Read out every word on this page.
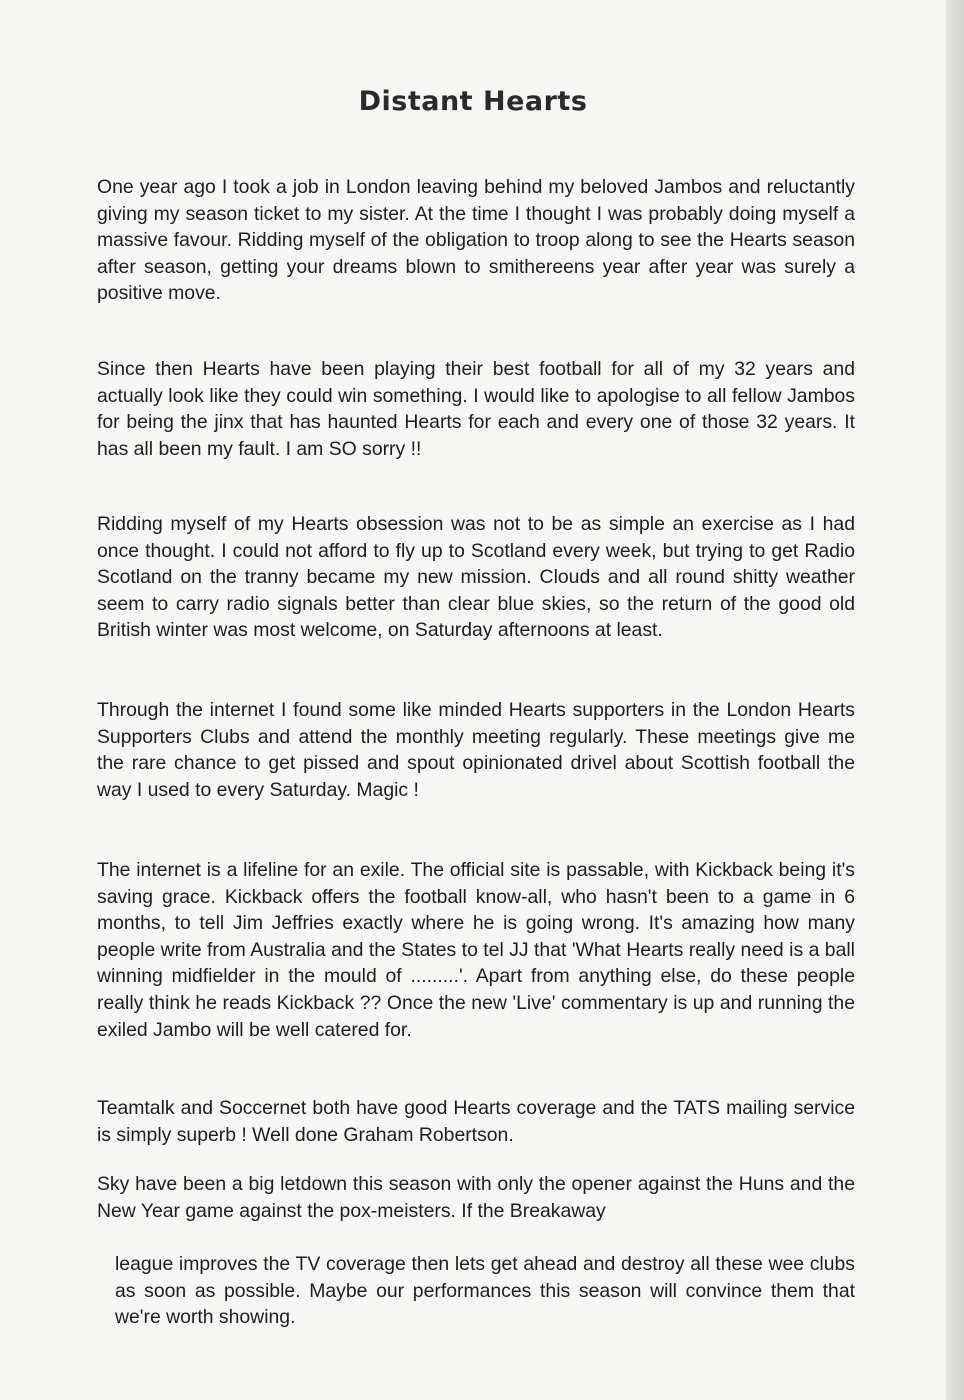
Distant Hearts

One year ago I took a job in London leaving behind my beloved Jambos and reluctantly giving my season ticket to my sister. At the time I thought I was probably doing myself a massive favour. Ridding myself of the obligation to troop along to see the Hearts season after season, getting your dreams blown to smithereens year after year was surely a positive move.

Since then Hearts have been playing their best football for all of my 32 years and actually look like they could win something. I would like to apologise to all fellow Jambos for being the jinx that has haunted Hearts for each and every one of those 32 years. It has all been my fault. I am SO sorry !!

Ridding myself of my Hearts obsession was not to be as simple an exercise as I had once thought. I could not afford to fly up to Scotland every week, but trying to get Radio Scotland on the tranny became my new mission. Clouds and all round shitty weather seem to carry radio signals better than clear blue skies, so the return of the good old British winter was most welcome, on Saturday afternoons at least.

Through the internet I found some like minded Hearts supporters in the London Hearts Supporters Clubs and attend the monthly meeting regularly. These meetings give me the rare chance to get pissed and spout opinionated drivel about Scottish football the way I used to every Saturday. Magic !

The internet is a lifeline for an exile. The official site is passable, with Kickback being it's saving grace. Kickback offers the football know-all, who hasn't been to a game in 6 months, to tell Jim Jeffries exactly where he is going wrong. It's amazing how many people write from Australia and the States to tel JJ that 'What Hearts really need is a ball winning midfielder in the mould of .........'. Apart from anything else, do these people really think he reads Kickback ?? Once the new 'Live' commentary is up and running the exiled Jambo will be well catered for.

Teamtalk and Soccernet both have good Hearts coverage and the TATS mailing service is simply superb ! Well done Graham Robertson.

Sky have been a big letdown this season with only the opener against the Huns and the New Year game against the pox-meisters. If the Breakaway

league improves the TV coverage then lets get ahead and destroy all these wee clubs as soon as possible. Maybe our performances this season will convince them that we're worth showing.
